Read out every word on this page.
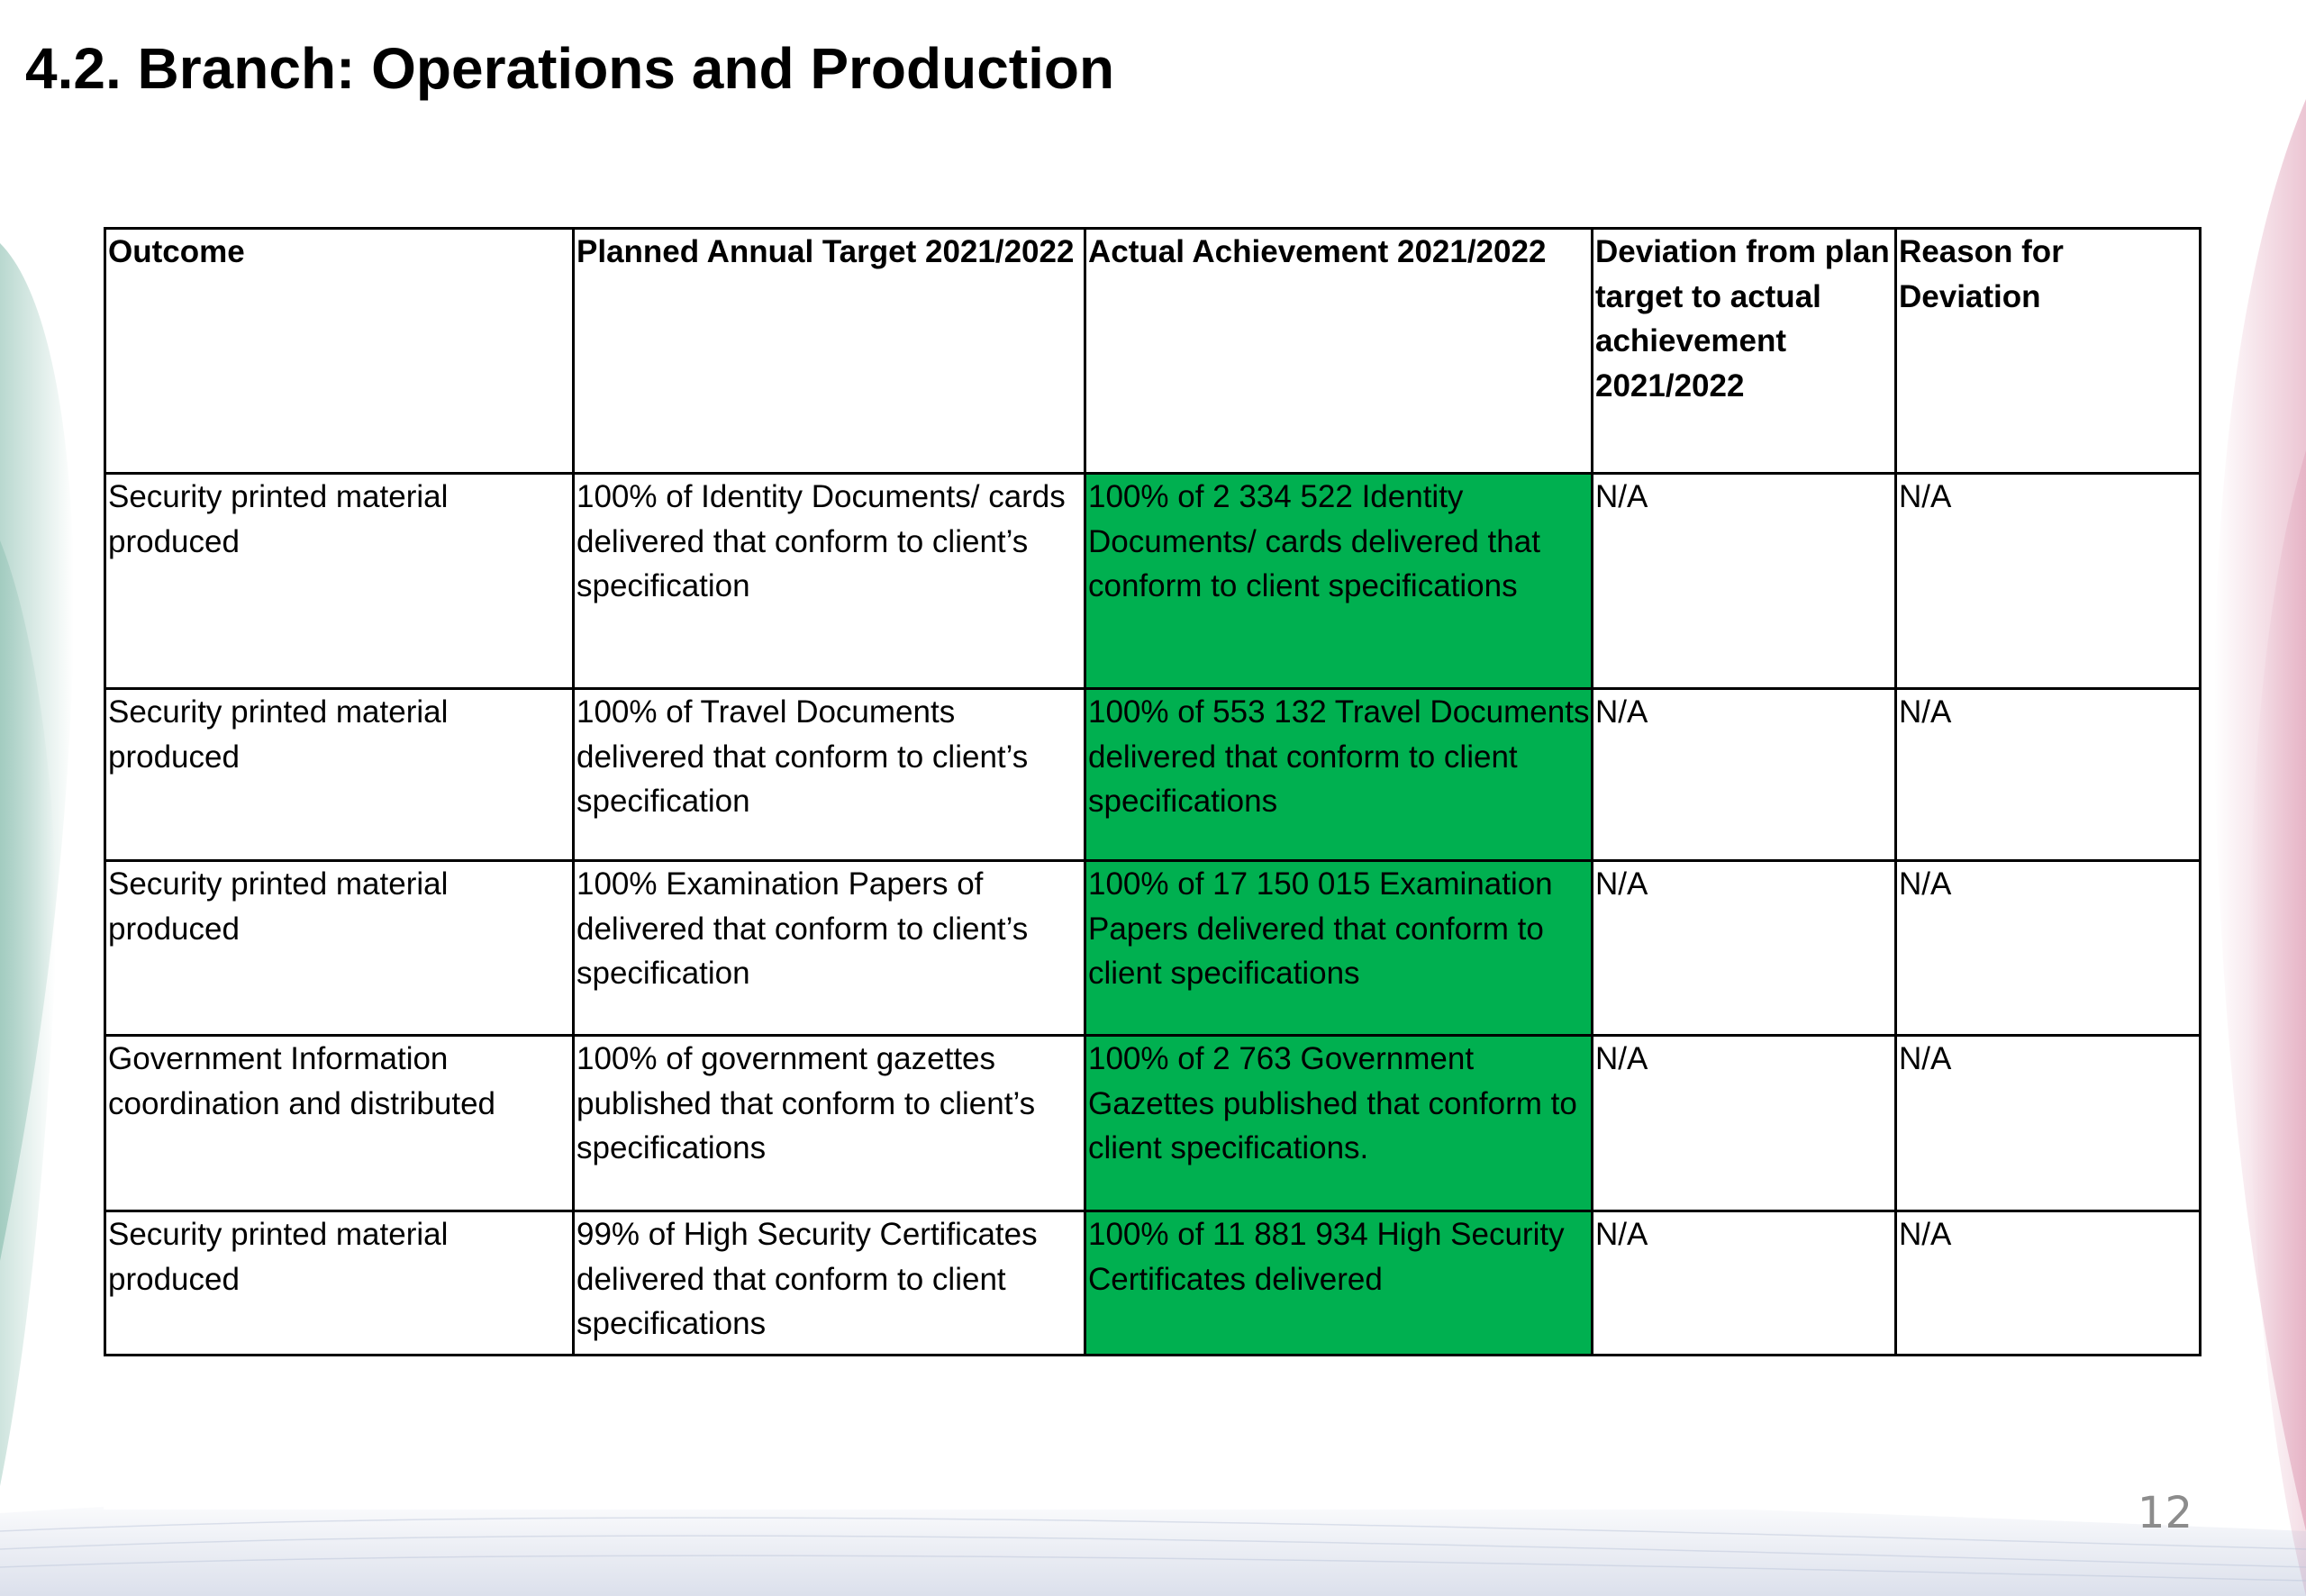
4.2. Branch: Operations and Production
Outcome	Planned Annual Target 2021/2022	Actual Achievement 2021/2022	Deviation from plan target to actual achievement 2021/2022	Reason for Deviation
Security printed material produced	100% of Identity Documents/ cards delivered that conform to client’s specification	100% of 2 334 522 Identity Documents/ cards delivered that conform to client specifications	N/A	N/A
Security printed material produced	100% of Travel Documents delivered that conform to client’s specification	100% of 553 132 Travel Documents delivered that conform to client specifications	N/A	N/A
Security printed material produced	100% Examination Papers of delivered that conform to client’s specification	100% of 17 150 015 Examination Papers delivered that conform to client specifications	N/A	N/A
Government Information coordination and distributed	100% of government gazettes published that conform to client’s specifications	100% of 2 763 Government Gazettes published that conform to client specifications.	N/A	N/A
Security printed material produced	99% of High Security Certificates delivered that conform to client specifications	100% of 11 881 934 High Security Certificates delivered	N/A	N/A
12
